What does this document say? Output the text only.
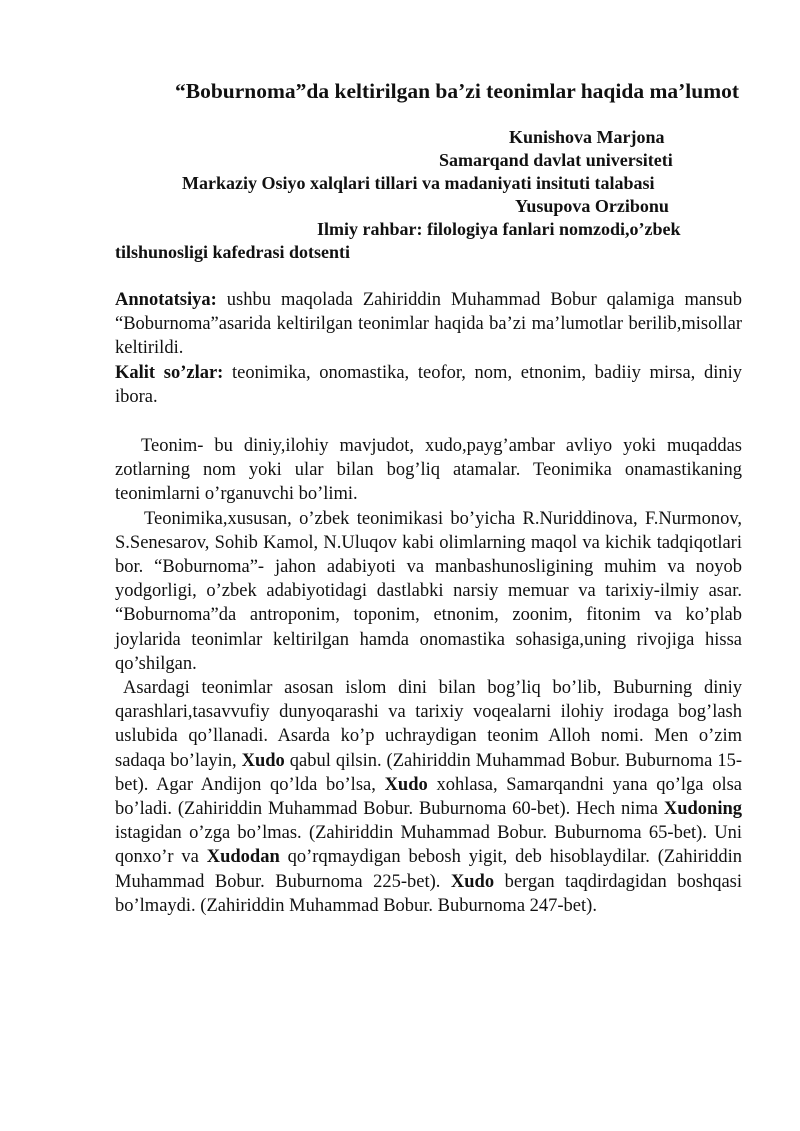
“Boburnoma”da keltirilgan ba’zi teonimlar haqida ma’lumot
Kunishova Marjona
Samarqand davlat universiteti
Markaziy Osiyo xalqlari tillari va madaniyati insituti talabasi
Yusupova Orzibonu
Ilmiy rahbar: filologiya fanlari nomzodi,o’zbek
tilshunosligi kafedrasi dotsenti

Annotatsiya: ushbu maqolada Zahiriddin Muhammad Bobur qalamiga mansub “Boburnoma”asarida keltirilgan teonimlar haqida ba’zi ma’lumotlar berilib,misollar keltirildi.

Kalit so’zlar: teonimika, onomastika, teofor, nom, etnonim, badiiy mirsa, diniy ibora.

Teonim- bu diniy,ilohiy mavjudot, xudo,payg’ambar avliyo yoki muqaddas zotlarning nom yoki ular bilan bog’liq atamalar. Teonimika onamastikaning teonimlarni o’rganuvchi bo’limi.

Teonimika,xususan, o’zbek teonimikasi bo’yicha R.Nuriddinova, F.Nurmonov, S.Senesarov, Sohib Kamol, N.Uluqov kabi olimlarning maqol va kichik tadqiqotlari bor. “Boburnoma”- jahon adabiyoti va manbashunosligining muhim va noyob yodgorligi, o’zbek adabiyotidagi dastlabki narsiy memuar va tarixiy-ilmiy asar. “Boburnoma”da antroponim, toponim, etnonim, zoonim, fitonim va ko’plab joylarida teonimlar keltirilgan hamda onomastika sohasiga,uning rivojiga hissa qo’shilgan.

Asardagi teonimlar asosan islom dini bilan bog’liq bo’lib, Buburning diniy qarashlari,tasavvufiy dunyoqarashi va tarixiy voqealarni ilohiy irodaga bog’lash uslubida qo’llanadi. Asarda ko’p uchraydigan teonim Alloh nomi. Men o’zim sadaqa bo’layin, Xudo qabul qilsin. (Zahiriddin Muhammad Bobur. Buburnoma 15-bet). Agar Andijon qo’lda bo’lsa, Xudo xohlasa, Samarqandni yana qo’lga olsa bo’ladi. (Zahiriddin Muhammad Bobur. Buburnoma 60-bet). Hech nima Xudoning istagidan o’zga bo’lmas. (Zahiriddin Muhammad Bobur. Buburnoma 65-bet). Uni qonxo’r va Xudodan qo’rqmaydigan bebosh yigit, deb hisoblaydilar. (Zahiriddin Muhammad Bobur. Buburnoma 225-bet). Xudo bergan taqdirdagidan boshqasi bo’lmaydi. (Zahiriddin Muhammad Bobur. Buburnoma 247-bet).
